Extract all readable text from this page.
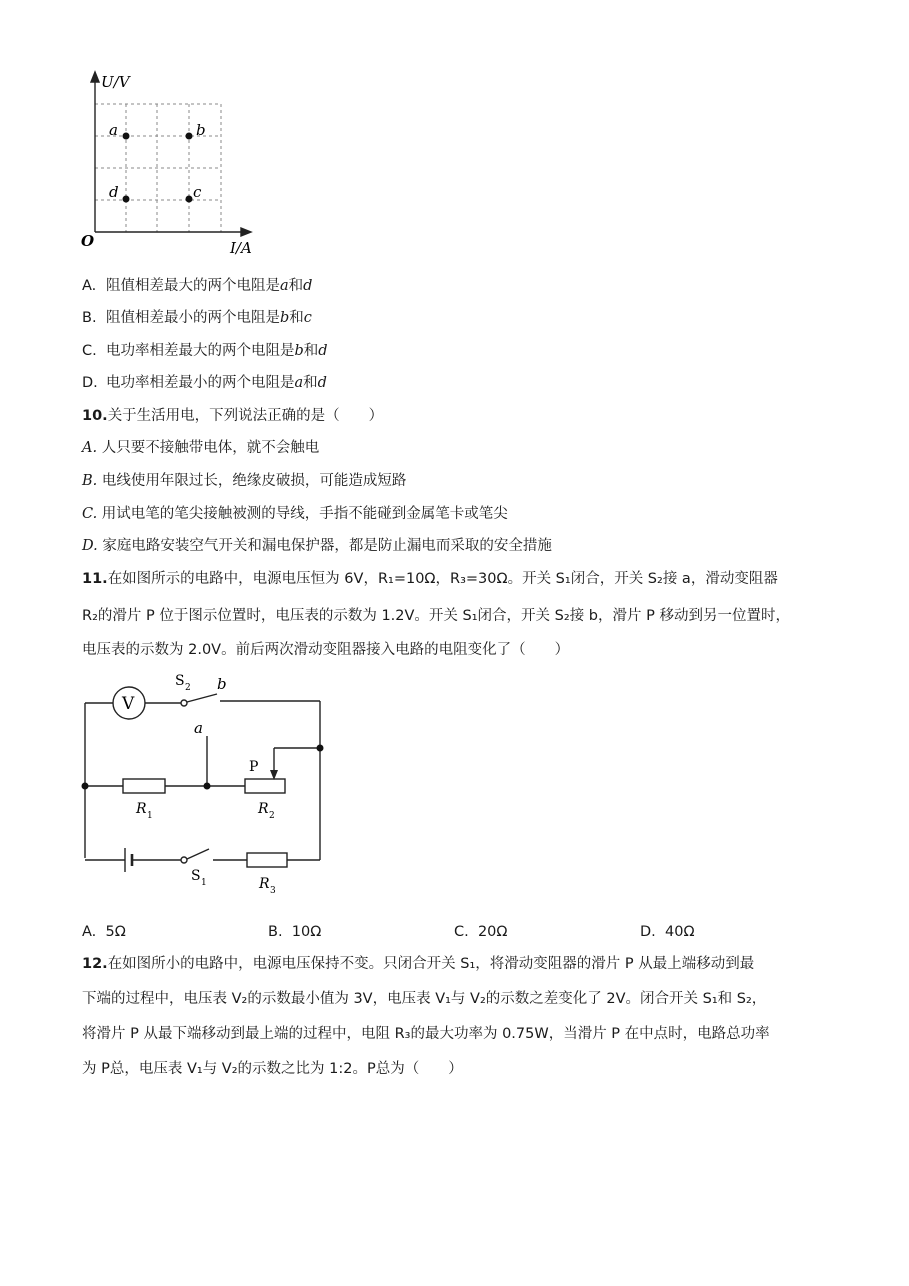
U/V
I/A
O
a	b
c
d
A. 阻值相差最大的两个电阻是a和d
B. 阻值相差最小的两个电阻是b和c
C. 电功率相差最大的两个电阻是b和d
D. 电功率相差最小的两个电阻是a和d
10.关于生活用电，下列说法正确的是（　　）
A. 人只要不接触带电体，就不会触电
B. 电线使用年限过长，绝缘皮破损，可能造成短路
C. 用试电笔的笔尖接触被测的导线，手指不能碰到金属笔卡或笔尖
D. 家庭电路安装空气开关和漏电保护器，都是防止漏电而采取的安全措施
11.在如图所示的电路中，电源电压恒为 6V，R₁=10Ω，R₃=30Ω。开关 S₁闭合，开关 S₂接 a，滑动变阻器
R₂的滑片 P 位于图示位置时，电压表的示数为 1.2V。开关 S₁闭合，开关 S₂接 b，滑片 P 移动到另一位置时，
电压表的示数为 2.0V。前后两次滑动变阻器接入电路的电阻变化了（　　）
V
S 2 b
a
P
R 1	R 2
S 1	R 3
A. 5Ω	B. 10Ω	C. 20Ω	D. 40Ω
12.在如图所小的电路中，电源电压保持不变。只闭合开关 S₁，将滑动变阻器的滑片 P 从最上端移动到最
下端的过程中，电压表 V₂的示数最小值为 3V，电压表 V₁与 V₂的示数之差变化了 2V。闭合开关 S₁和 S₂，
将滑片 P 从最下端移动到最上端的过程中，电阻 R₃的最大功率为 0.75W，当滑片 P 在中点时，电路总功率
为 P总，电压表 V₁与 V₂的示数之比为 1:2。P总为（　　）
